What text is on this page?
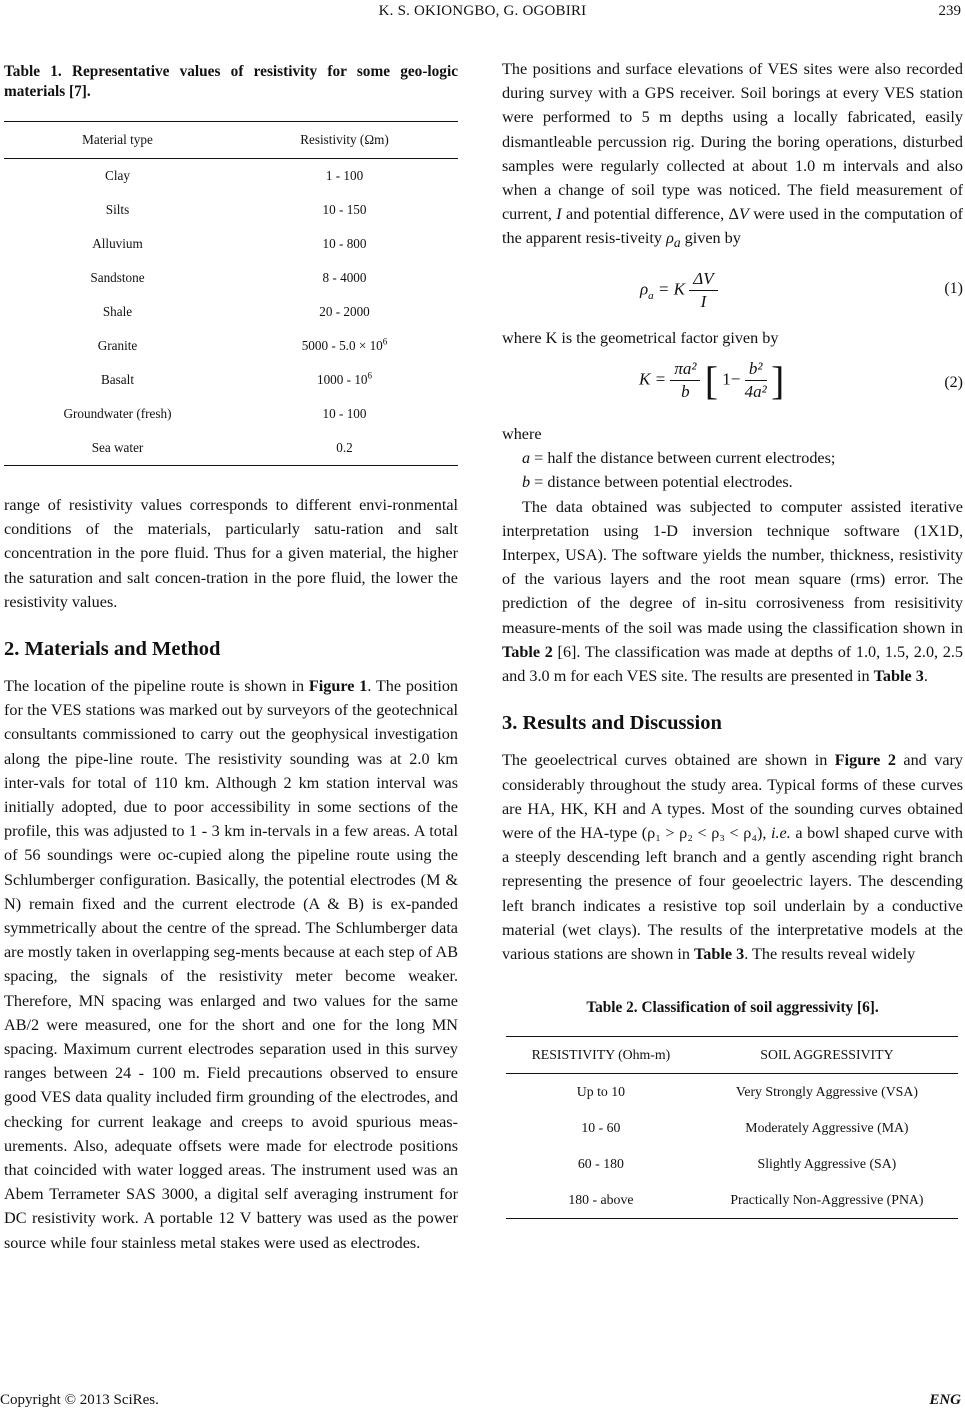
K. S. OKIONGBO, G. OGOBIRI	239
Table 1. Representative values of resistivity for some geo-logic materials [7].
Material type	Resistivity (Ωm)
Clay	1 - 100
Silts	10 - 150
Alluvium	10 - 800
Sandstone	8 - 4000
Shale	20 - 2000
Granite	$5000 - 5.0 \times 10^6$
Basalt	$1000 - 10^6$
Groundwater (fresh)	10 - 100
Sea water	0.2

range of resistivity values corresponds to different envi-ronmental conditions of the materials, particularly satu-ration and salt concentration in the pore fluid. Thus for a given material, the higher the saturation and salt concen-tration in the pore fluid, the lower the resistivity values.

2. Materials and Method

The location of the pipeline route is shown in Figure 1. The position for the VES stations was marked out by surveyors of the geotechnical consultants commissioned to carry out the geophysical investigation along the pipe-line route. The resistivity sounding was at 2.0 km inter-vals for total of 110 km. Although 2 km station interval was initially adopted, due to poor accessibility in some sections of the profile, this was adjusted to 1 - 3 km in-tervals in a few areas. A total of 56 soundings were oc-cupied along the pipeline route using the Schlumberger configuration. Basically, the potential electrodes (M & N) remain fixed and the current electrode (A & B) is ex-panded symmetrically about the centre of the spread. The Schlumberger data are mostly taken in overlapping seg-ments because at each step of AB spacing, the signals of the resistivity meter become weaker. Therefore, MN spacing was enlarged and two values for the same AB/2 were measured, one for the short and one for the long MN spacing. Maximum current electrodes separation used in this survey ranges between 24 - 100 m. Field precautions observed to ensure good VES data quality included firm grounding of the electrodes, and checking for current leakage and creeps to avoid spurious meas-urements. Also, adequate offsets were made for electrode positions that coincided with water logged areas. The instrument used was an Abem Terrameter SAS 3000, a digital self averaging instrument for DC resistivity work. A portable 12 V battery was used as the power source while four stainless metal stakes were used as electrodes.

The positions and surface elevations of VES sites were also recorded during survey with a GPS receiver. Soil borings at every VES station were performed to 5 m depths using a locally fabricated, easily dismantleable percussion rig. During the boring operations, disturbed samples were regularly collected at about 1.0 m intervals and also when a change of soil type was noticed. The field measurement of current, I and potential difference, ΔV were used in the computation of the apparent resis-tiveity $\rho_a$ given by

$\rho_a = K \frac{\Delta V}{I}$	(1)

where K is the geometrical factor given by

$K = \frac{\text{πa²}}{b}$ [ $1- \frac{\text{b²}}{\text{4a²}}$ ]	(2)

where

a = half the distance between current electrodes;

b = distance between potential electrodes.

The data obtained was subjected to computer assisted iterative interpretation using 1-D inversion technique software (1X1D, Interpex, USA). The software yields the number, thickness, resistivity of the various layers and the root mean square (rms) error. The prediction of the degree of in-situ corrosiveness from resisitivity measure-ments of the soil was made using the classification shown in Table 2 [6]. The classification was made at depths of 1.0, 1.5, 2.0, 2.5 and 3.0 m for each VES site. The results are presented in Table 3.

3. Results and Discussion

The geoelectrical curves obtained are shown in Figure 2 and vary considerably throughout the study area. Typical forms of these curves are HA, HK, KH and A types. Most of the sounding curves obtained were of the HA-type (ρ₁ > ρ₂ < ρ₃ < ρ₄), i.e. a bowl shaped curve with a steeply descending left branch and a gently ascending right branch representing the presence of four geoelectric layers. The descending left branch indicates a resistive top soil underlain by a conductive material (wet clays). The results of the interpretative models at the various stations are shown in Table 3. The results reveal widely

Table 2. Classification of soil aggressivity [6].
RESISTIVITY (Ohm-m)	SOIL AGGRESSIVITY
Up to 10	Very Strongly Aggressive (VSA)
10 - 60	Moderately Aggressive (MA)
60 - 180	Slightly Aggressive (SA)
180 - above	Practically Non-Aggressive (PNA)
Copyright © 2013 SciRes.	ENG
